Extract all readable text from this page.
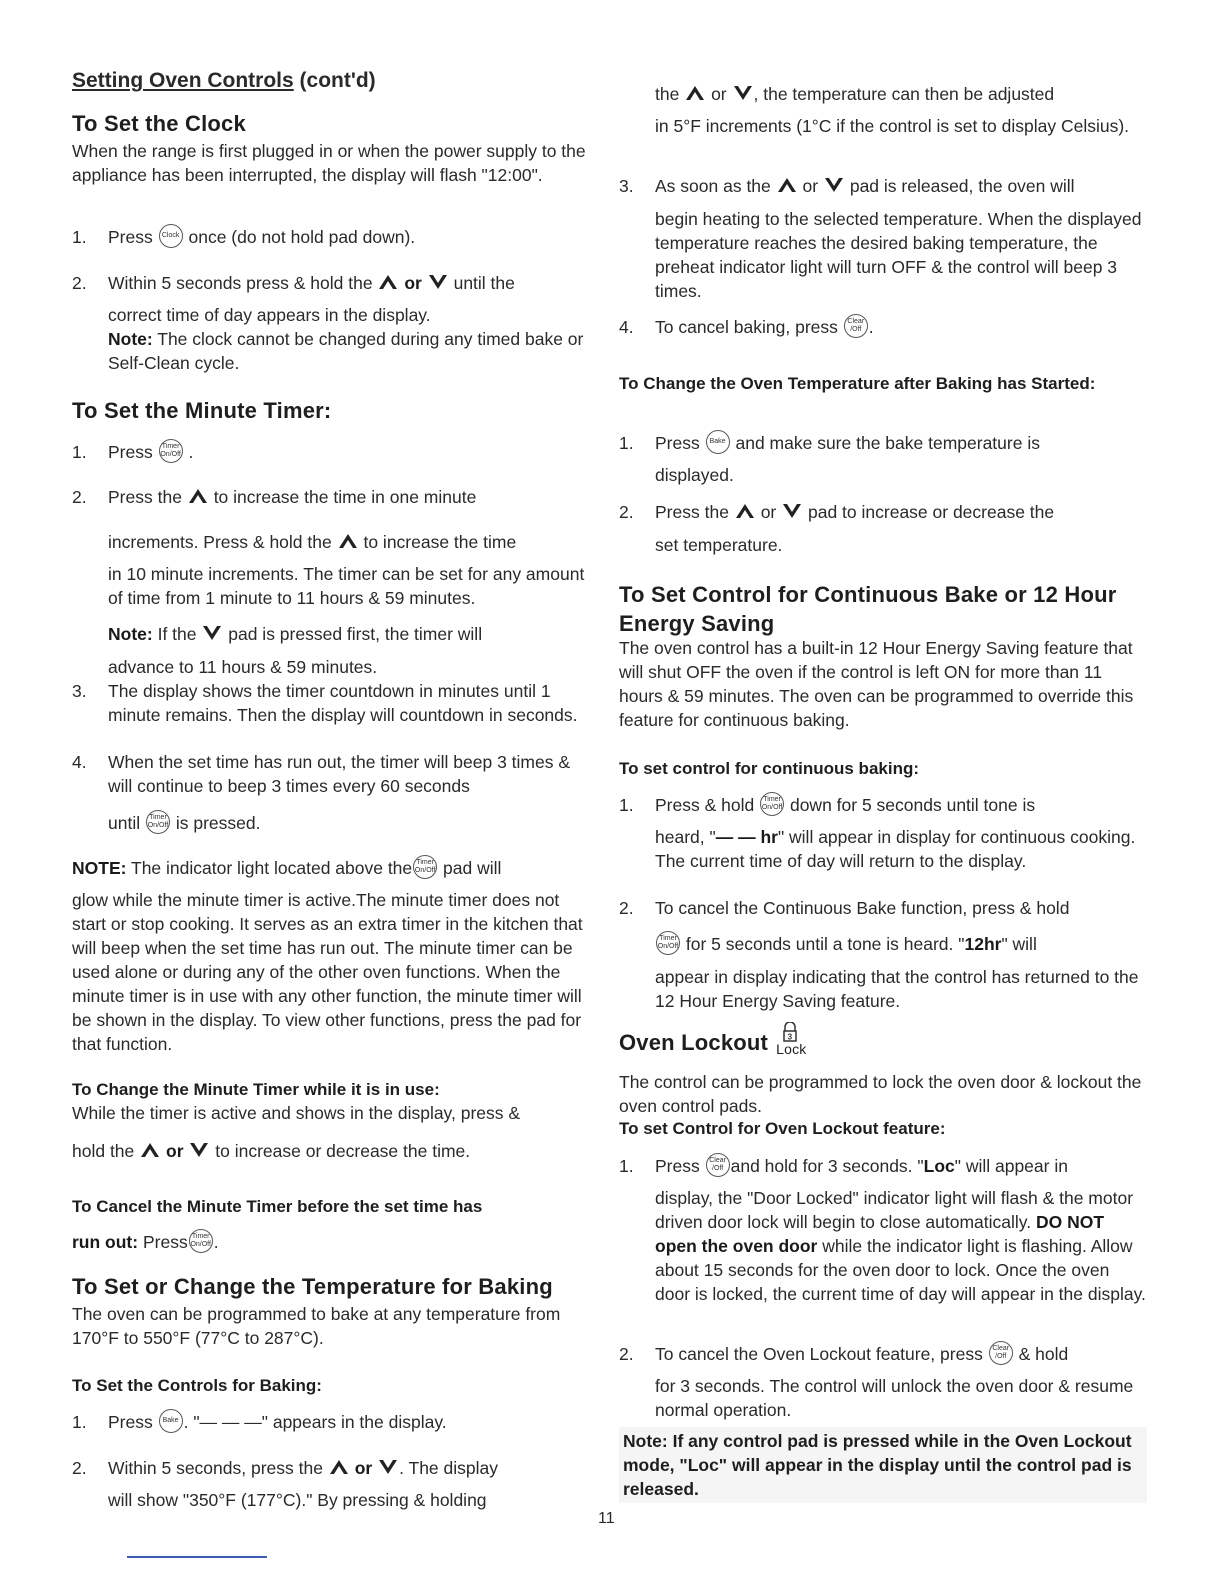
Setting Oven Controls (cont'd)

To Set the Clock

When the range is first plugged in or when the power supply to the appliance has been interrupted, the display will flash "12:00".

1. Press Clock once (do not hold pad down).
2. Within 5 seconds press & hold the or until the
correct time of day appears in the display.
Note: The clock cannot be changed during any timed bake or Self-Clean cycle.

To Set the Minute Timer:

1. Press Timer
On/Off .
2. Press the to increase the time in one minute
increments. Press & hold the to increase the time
in 10 minute increments. The timer can be set for any amount of time from 1 minute to 11 hours & 59 minutes.
Note: If the pad is pressed first, the timer will
advance to 11 hours & 59 minutes.
3. The display shows the timer countdown in minutes until 1 minute remains. Then the display will countdown in seconds.
4. When the set time has run out, the timer will beep 3 times & will continue to beep 3 times every 60 seconds
until Timer
On/Off is pressed.
NOTE: The indicator light located above the Timer
On/Off pad will

glow while the minute timer is active.The minute timer does not start or stop cooking. It serves as an extra timer in the kitchen that will beep when the set time has run out. The minute timer can be used alone or during any of the other oven functions. When the minute timer is in use with any other function, the minute timer will be shown in the display. To view other functions, press the pad for that function.

To Change the Minute Timer while it is in use:

While the timer is active and shows in the display, press &

hold the or to increase or decrease the time.

To Cancel the Minute Timer before the set time has

run out: Press Timer
On/Off .

To Set or Change the Temperature for Baking

The oven can be programmed to bake at any temperature from 170°F to 550°F (77°C to 287°C).

To Set the Controls for Baking:

1. Press Bake . "— — —" appears in the display.
2. Within 5 seconds, press the or . The display
will show "350°F (177°C)." By pressing & holding
the or , the temperature can then be adjusted
in 5°F increments (1°C if the control is set to display Celsius).
3. As soon as the or pad is released, the oven will
begin heating to the selected temperature. When the displayed temperature reaches the desired baking temperature, the preheat indicator light will turn OFF & the control will beep 3 times.
4. To cancel baking, press Clear
/Off .

To Change the Oven Temperature after Baking has Started:

1. Press Bake and make sure the bake temperature is
displayed.
2. Press the or pad to increase or decrease the
set temperature.

To Set Control for Continuous Bake or 12 Hour Energy Saving

The oven control has a built-in 12 Hour Energy Saving feature that will shut OFF the oven if the control is left ON for more than 11 hours & 59 minutes. The oven can be programmed to override this feature for continuous baking.

To set control for continuous baking:

1. Press & hold Timer
On/Off down for 5 seconds until tone is
heard, "— — hr" will appear in display for continuous cooking. The current time of day will return to the display.
2. To cancel the Continuous Bake function, press & hold
Timer
On/Off for 5 seconds until a tone is heard. "12hr" will
appear in display indicating that the control has returned to the 12 Hour Energy Saving feature.

Oven Lockout 3
Lock

The control can be programmed to lock the oven door & lockout the oven control pads.

To set Control for Oven Lockout feature:

1. Press Clear
/Off and hold for 3 seconds. "Loc" will appear in
display, the "Door Locked" indicator light will flash & the motor driven door lock will begin to close automatically. DO NOT open the oven door while the indicator light is flashing. Allow about 15 seconds for the oven door to lock. Once the oven door is locked, the current time of day will appear in the display.
2. To cancel the Oven Lockout feature, press Clear
/Off & hold
for 3 seconds. The control will unlock the oven door & resume normal operation.

Note: If any control pad is pressed while in the Oven Lockout mode, "Loc" will appear in the display until the control pad is released.

11
